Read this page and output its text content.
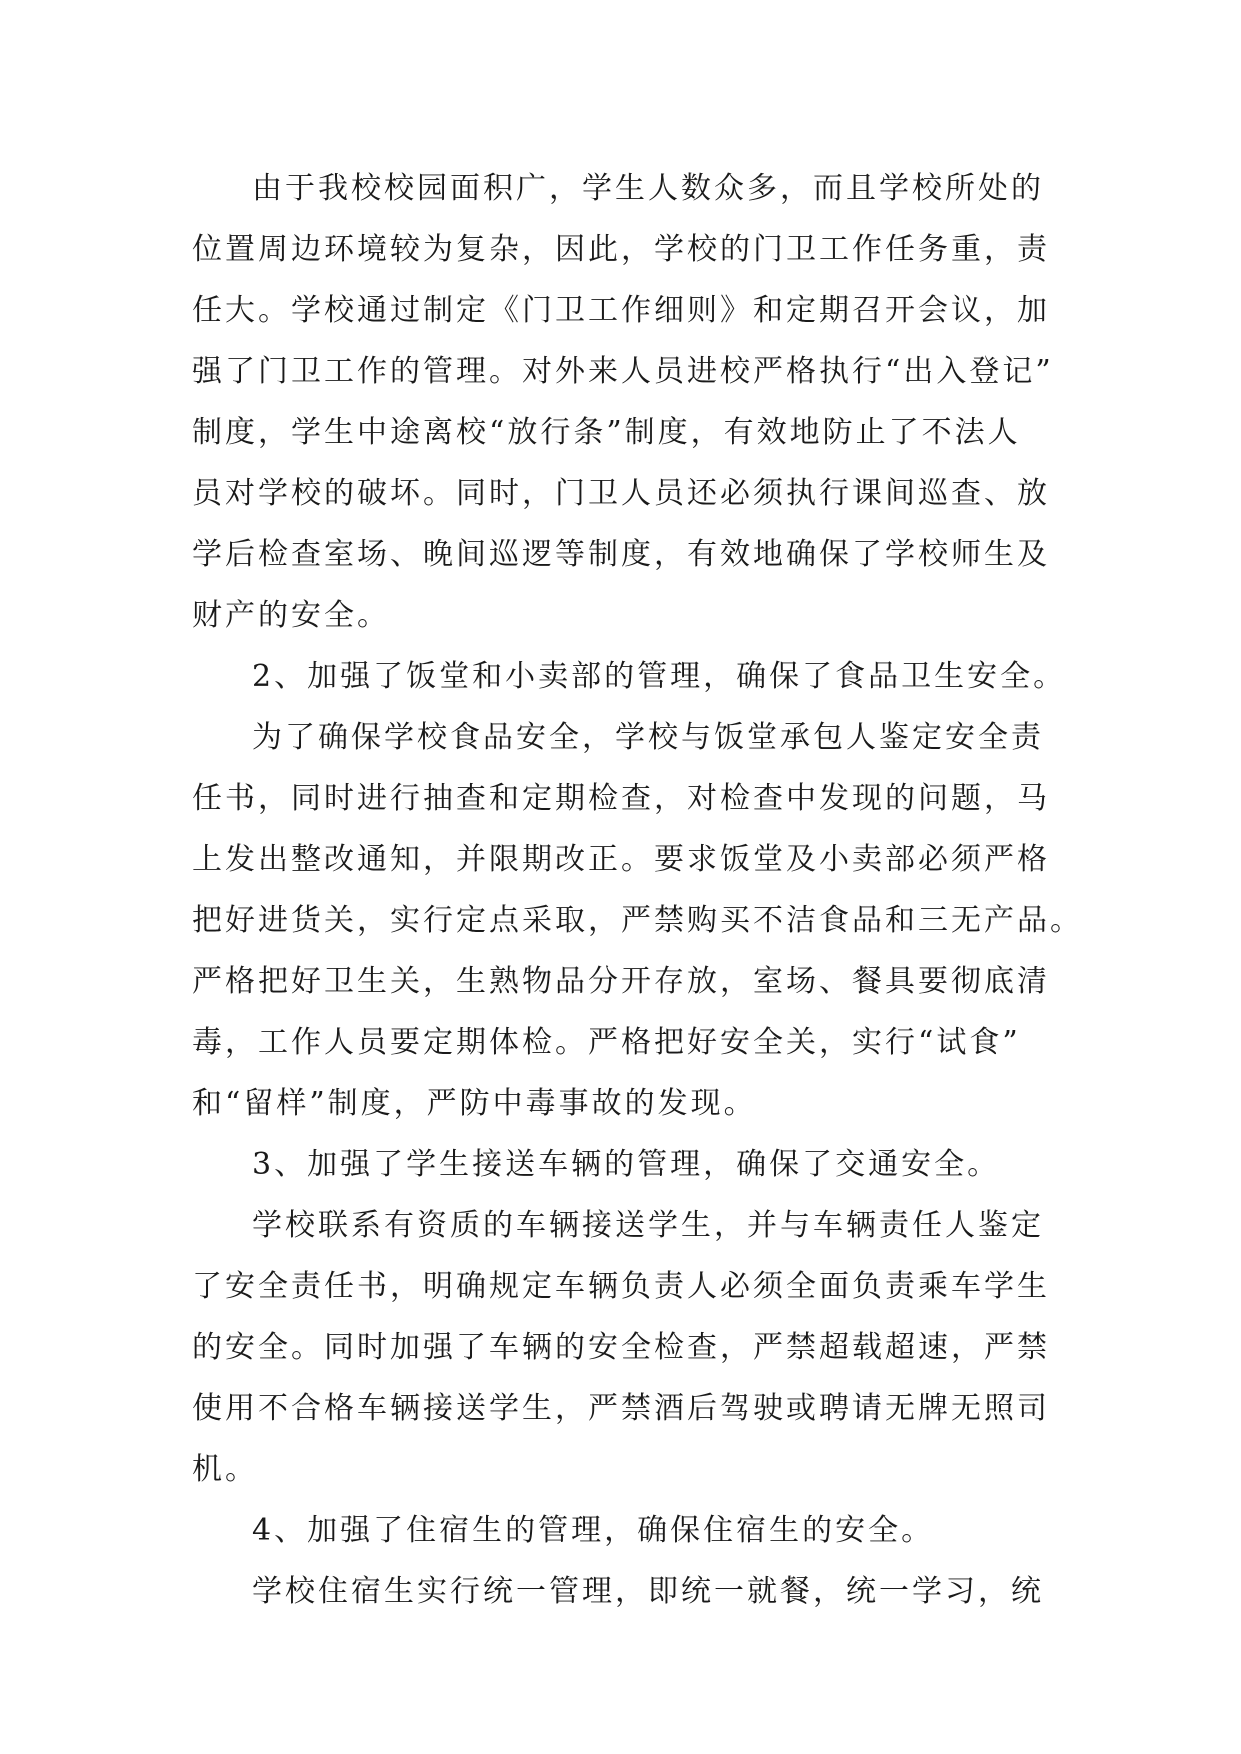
由于我校校园面积广，学生人数众多，而且学校所处的
位置周边环境较为复杂，因此，学校的门卫工作任务重，责
任大。学校通过制定《门卫工作细则》和定期召开会议，加
强了门卫工作的管理。对外来人员进校严格执行“出入登记”
制度，学生中途离校“放行条”制度，有效地防止了不法人
员对学校的破坏。同时，门卫人员还必须执行课间巡查、放
学后检查室场、晚间巡逻等制度，有效地确保了学校师生及
财产的安全。
2、加强了饭堂和小卖部的管理，确保了食品卫生安全。
为了确保学校食品安全，学校与饭堂承包人鉴定安全责
任书，同时进行抽查和定期检查，对检查中发现的问题，马
上发出整改通知，并限期改正。要求饭堂及小卖部必须严格
把好进货关，实行定点采取，严禁购买不洁食品和三无产品。
严格把好卫生关，生熟物品分开存放，室场、餐具要彻底清
毒，工作人员要定期体检。严格把好安全关，实行“试食”
和“留样”制度，严防中毒事故的发现。
3、加强了学生接送车辆的管理，确保了交通安全。
学校联系有资质的车辆接送学生，并与车辆责任人鉴定
了安全责任书，明确规定车辆负责人必须全面负责乘车学生
的安全。同时加强了车辆的安全检查，严禁超载超速，严禁
使用不合格车辆接送学生，严禁酒后驾驶或聘请无牌无照司
机。
4、加强了住宿生的管理，确保住宿生的安全。
学校住宿生实行统一管理，即统一就餐，统一学习，统
